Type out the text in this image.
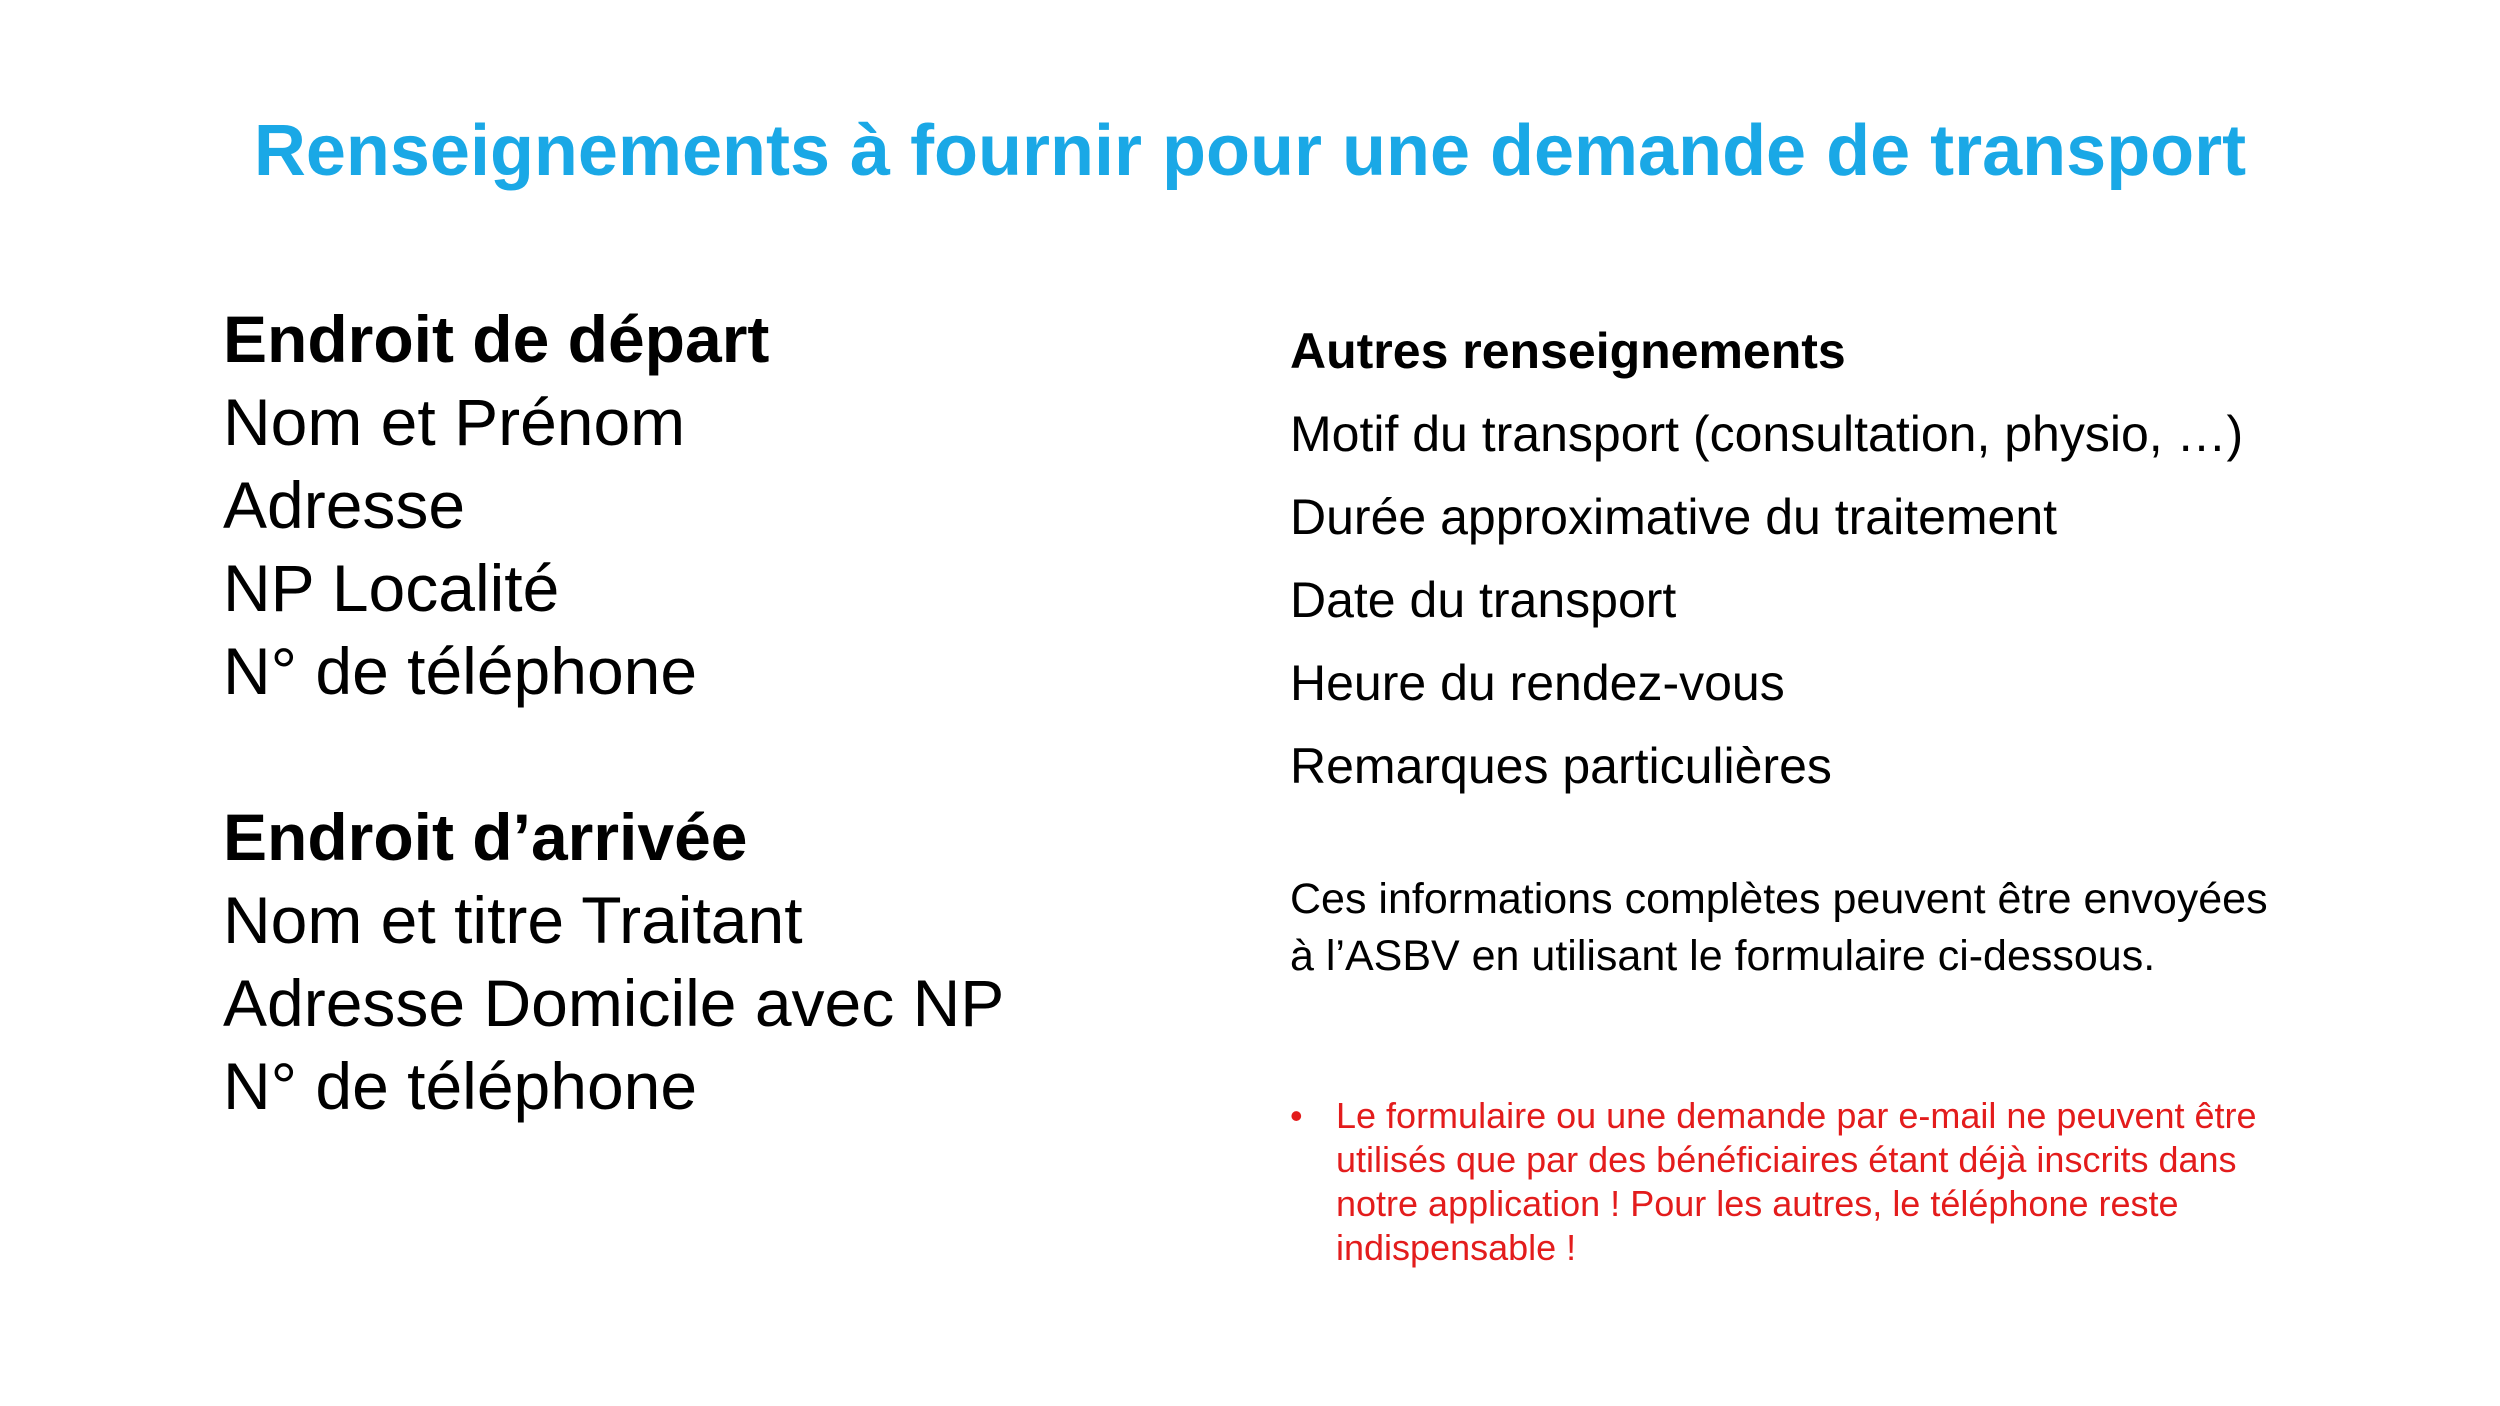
Renseignements à fournir pour une demande de transport
Endroit de départ
Nom et Prénom
Adresse
NP Localité
N° de téléphone
Endroit d’arrivée
Nom et titre Traitant
Adresse Domicile avec NP
N° de téléphone
Autres renseignements
Motif du transport (consultation, physio, …)
Durée approximative du traitement
Date du transport
Heure du rendez-vous
Remarques particulières
Ces informations complètes peuvent être envoyées à l’ASBV en utilisant le formulaire ci-dessous.
• Le formulaire ou une demande par e-mail ne peuvent être utilisés que par des bénéficiaires étant déjà inscrits dans notre application ! Pour les autres, le téléphone reste indispensable !
